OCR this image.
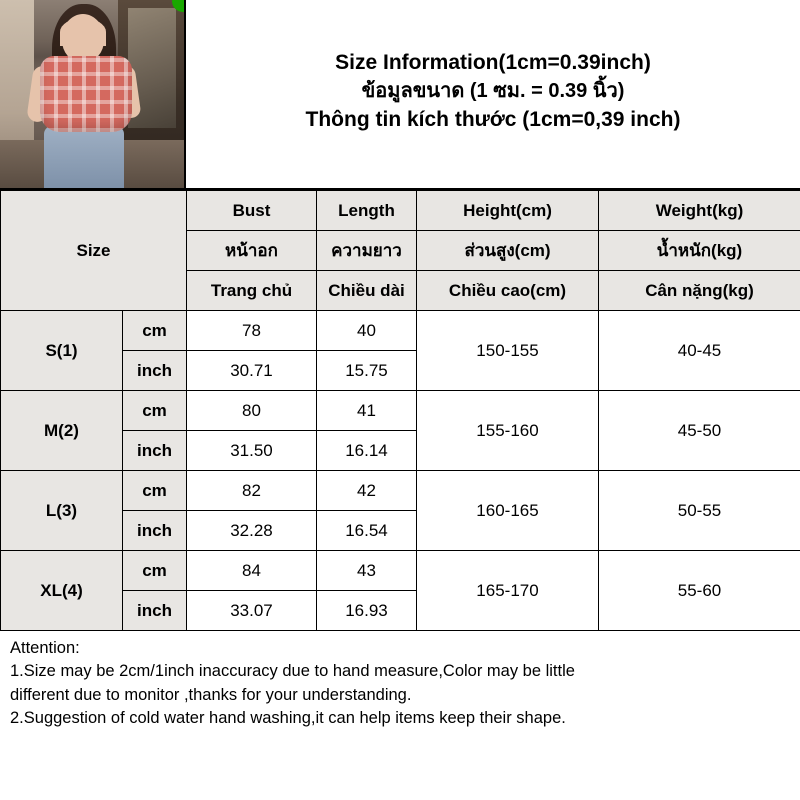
Size Information(1cm=0.39inch)
ข้อมูลขนาด (1 ซม. = 0.39 นิ้ว)
Thông tin kích thước (1cm=0,39 inch)
Size		Bust	Length	Height(cm)	Weight(kg)
		หน้าอก	ความยาว	ส่วนสูง(cm)	น้ำหนัก(kg)
		Trang chủ	Chiều dài	Chiều cao(cm)	Cân nặng(kg)
S(1)	cm	78	40	150-155	40-45
	inch	30.71	15.75		
M(2)	cm	80	41	155-160	45-50
	inch	31.50	16.14		
L(3)	cm	82	42	160-165	50-55
	inch	32.28	16.54		
XL(4)	cm	84	43	165-170	55-60
	inch	33.07	16.93		
Attention:
1.Size may be 2cm/1inch inaccuracy due to hand measure,Color may be little
different due to monitor ,thanks for your understanding.
2.Suggestion of cold water hand washing,it can help items keep their shape.
